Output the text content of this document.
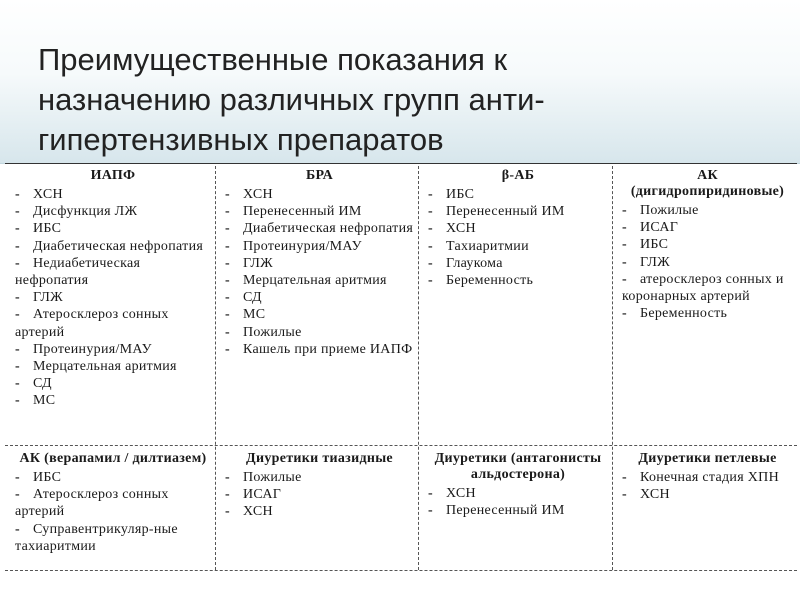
Преимущественные показания к
назначению различных групп анти-
гипертензивных препаратов
ИАПФ
- ХСН
- Дисфункция ЛЖ
- ИБС
- Диабетическая нефропатия
- Недиабетическая нефропатия
- ГЛЖ
- Атеросклероз сонных артерий
- Протеинурия/МАУ
- Мерцательная аритмия
- СД
- МС
БРА
- ХСН
- Перенесенный ИМ
- Диабетическая нефропатия
- Протеинурия/МАУ
- ГЛЖ
- Мерцательная аритмия
- СД
- МС
- Пожилые
- Кашель при приеме ИАПФ
β-АБ
- ИБС
- Перенесенный ИМ
- ХСН
- Тахиаритмии
- Глаукома
- Беременность
АК (дигидропиридиновые)
- Пожилые
- ИСАГ
- ИБС
- ГЛЖ
- атеросклероз сонных и коронарных артерий
- Беременность
АК (верапамил / дилтиазем)
- ИБС
- Атеросклероз сонных артерий
- Суправентрикуляр-ные тахиаритмии
Диуретики тиазидные
- Пожилые
- ИСАГ
- ХСН
Диуретики (антагонисты альдостерона)
- ХСН
- Перенесенный ИМ
Диуретики петлевые
- Конечная стадия ХПН
- ХСН
